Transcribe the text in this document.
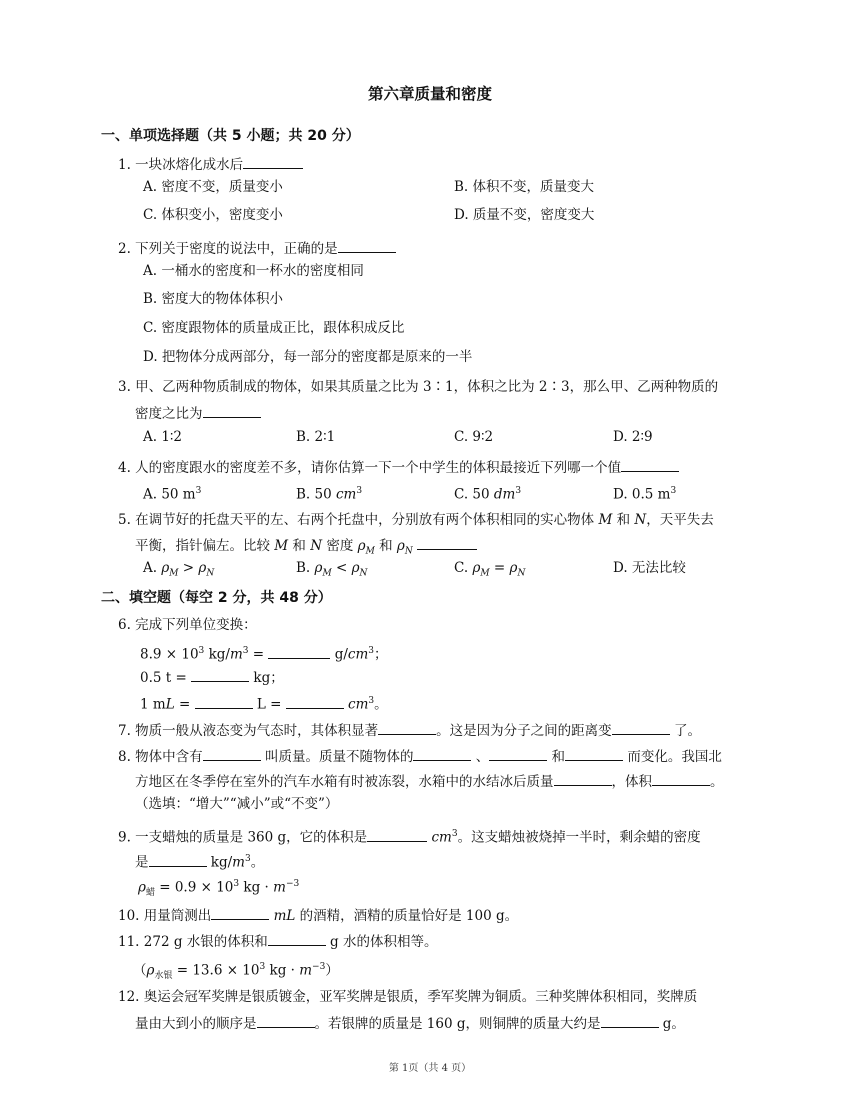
第六章质量和密度
一、单项选择题（共 5 小题；共 20 分）
1. 一块冰熔化成水后
A. 密度不变，质量变小	B. 体积不变，质量变大
C. 体积变小，密度变小	D. 质量不变，密度变大
2. 下列关于密度的说法中，正确的是
A. 一桶水的密度和一杯水的密度相同
B. 密度大的物体体积小
C. 密度跟物体的质量成正比，跟体积成反比
D. 把物体分成两部分，每一部分的密度都是原来的一半
3. 甲、乙两种物质制成的物体，如果其质量之比为 3∶1，体积之比为 2∶3，那么甲、乙两种物质的
密度之比为
A. 1∶2	B. 2∶1	C. 9∶2	D. 2∶9
4. 人的密度跟水的密度差不多，请你估算一下一个中学生的体积最接近下列哪一个值
A. 50 $m^3$	B. 50 $cm^3$	C. 50 $dm^3$	D. 0.5 $m^3$
5. 在调节好的托盘天平的左、右两个托盘中，分别放有两个体积相同的实心物体 M 和 N，天平失去
平衡，指针偏左。比较 M 和 N 密度 $\rho_M$ 和 $\rho_N$
A. $\rho_M > \rho_N$	B. $\rho_M < \rho_N$	C. $\rho_M = \rho_N$	D. 无法比较
二、填空题（每空 2 分，共 48 分）
6. 完成下列单位变换：
$8.9 \times 10^3$ $kg/m^3$ =	$g/cm^3$；
0.5 t =	kg；
1 mL =	L =	$cm^3$。
7. 物质一般从液态变为气态时，其体积显著	。这是因为分子之间的距离变	了。
8. 物体中含有	叫质量。质量不随物体的	、	和	而变化。我国北
方地区在冬季停在室外的汽车水箱有时被冻裂，水箱中的水结冰后质量	，体积	。
（选填：“增大”“减小”或“不变”）
9. 一支蜡烛的质量是 360 g，它的体积是	$cm^3$。这支蜡烛被烧掉一半时，剩余蜡的密度
是	$kg/m^3$。
$\rho_蜡 = 0.9 \times 10^3$ kg · $m^{-3}$
10. 用量筒测出	mL 的酒精，酒精的质量恰好是 100 g。
11. 272 g 水银的体积和	g 水的体积相等。
（$\rho_{水银} = 13.6 \times 10^3$ kg · $m^{-3}$）
12. 奥运会冠军奖牌是银质镀金，亚军奖牌是银质，季军奖牌为铜质。三种奖牌体积相同，奖牌质
量由大到小的顺序是	。若银牌的质量是 160 g，则铜牌的质量大约是	g。
第 1页（共 4 页）
